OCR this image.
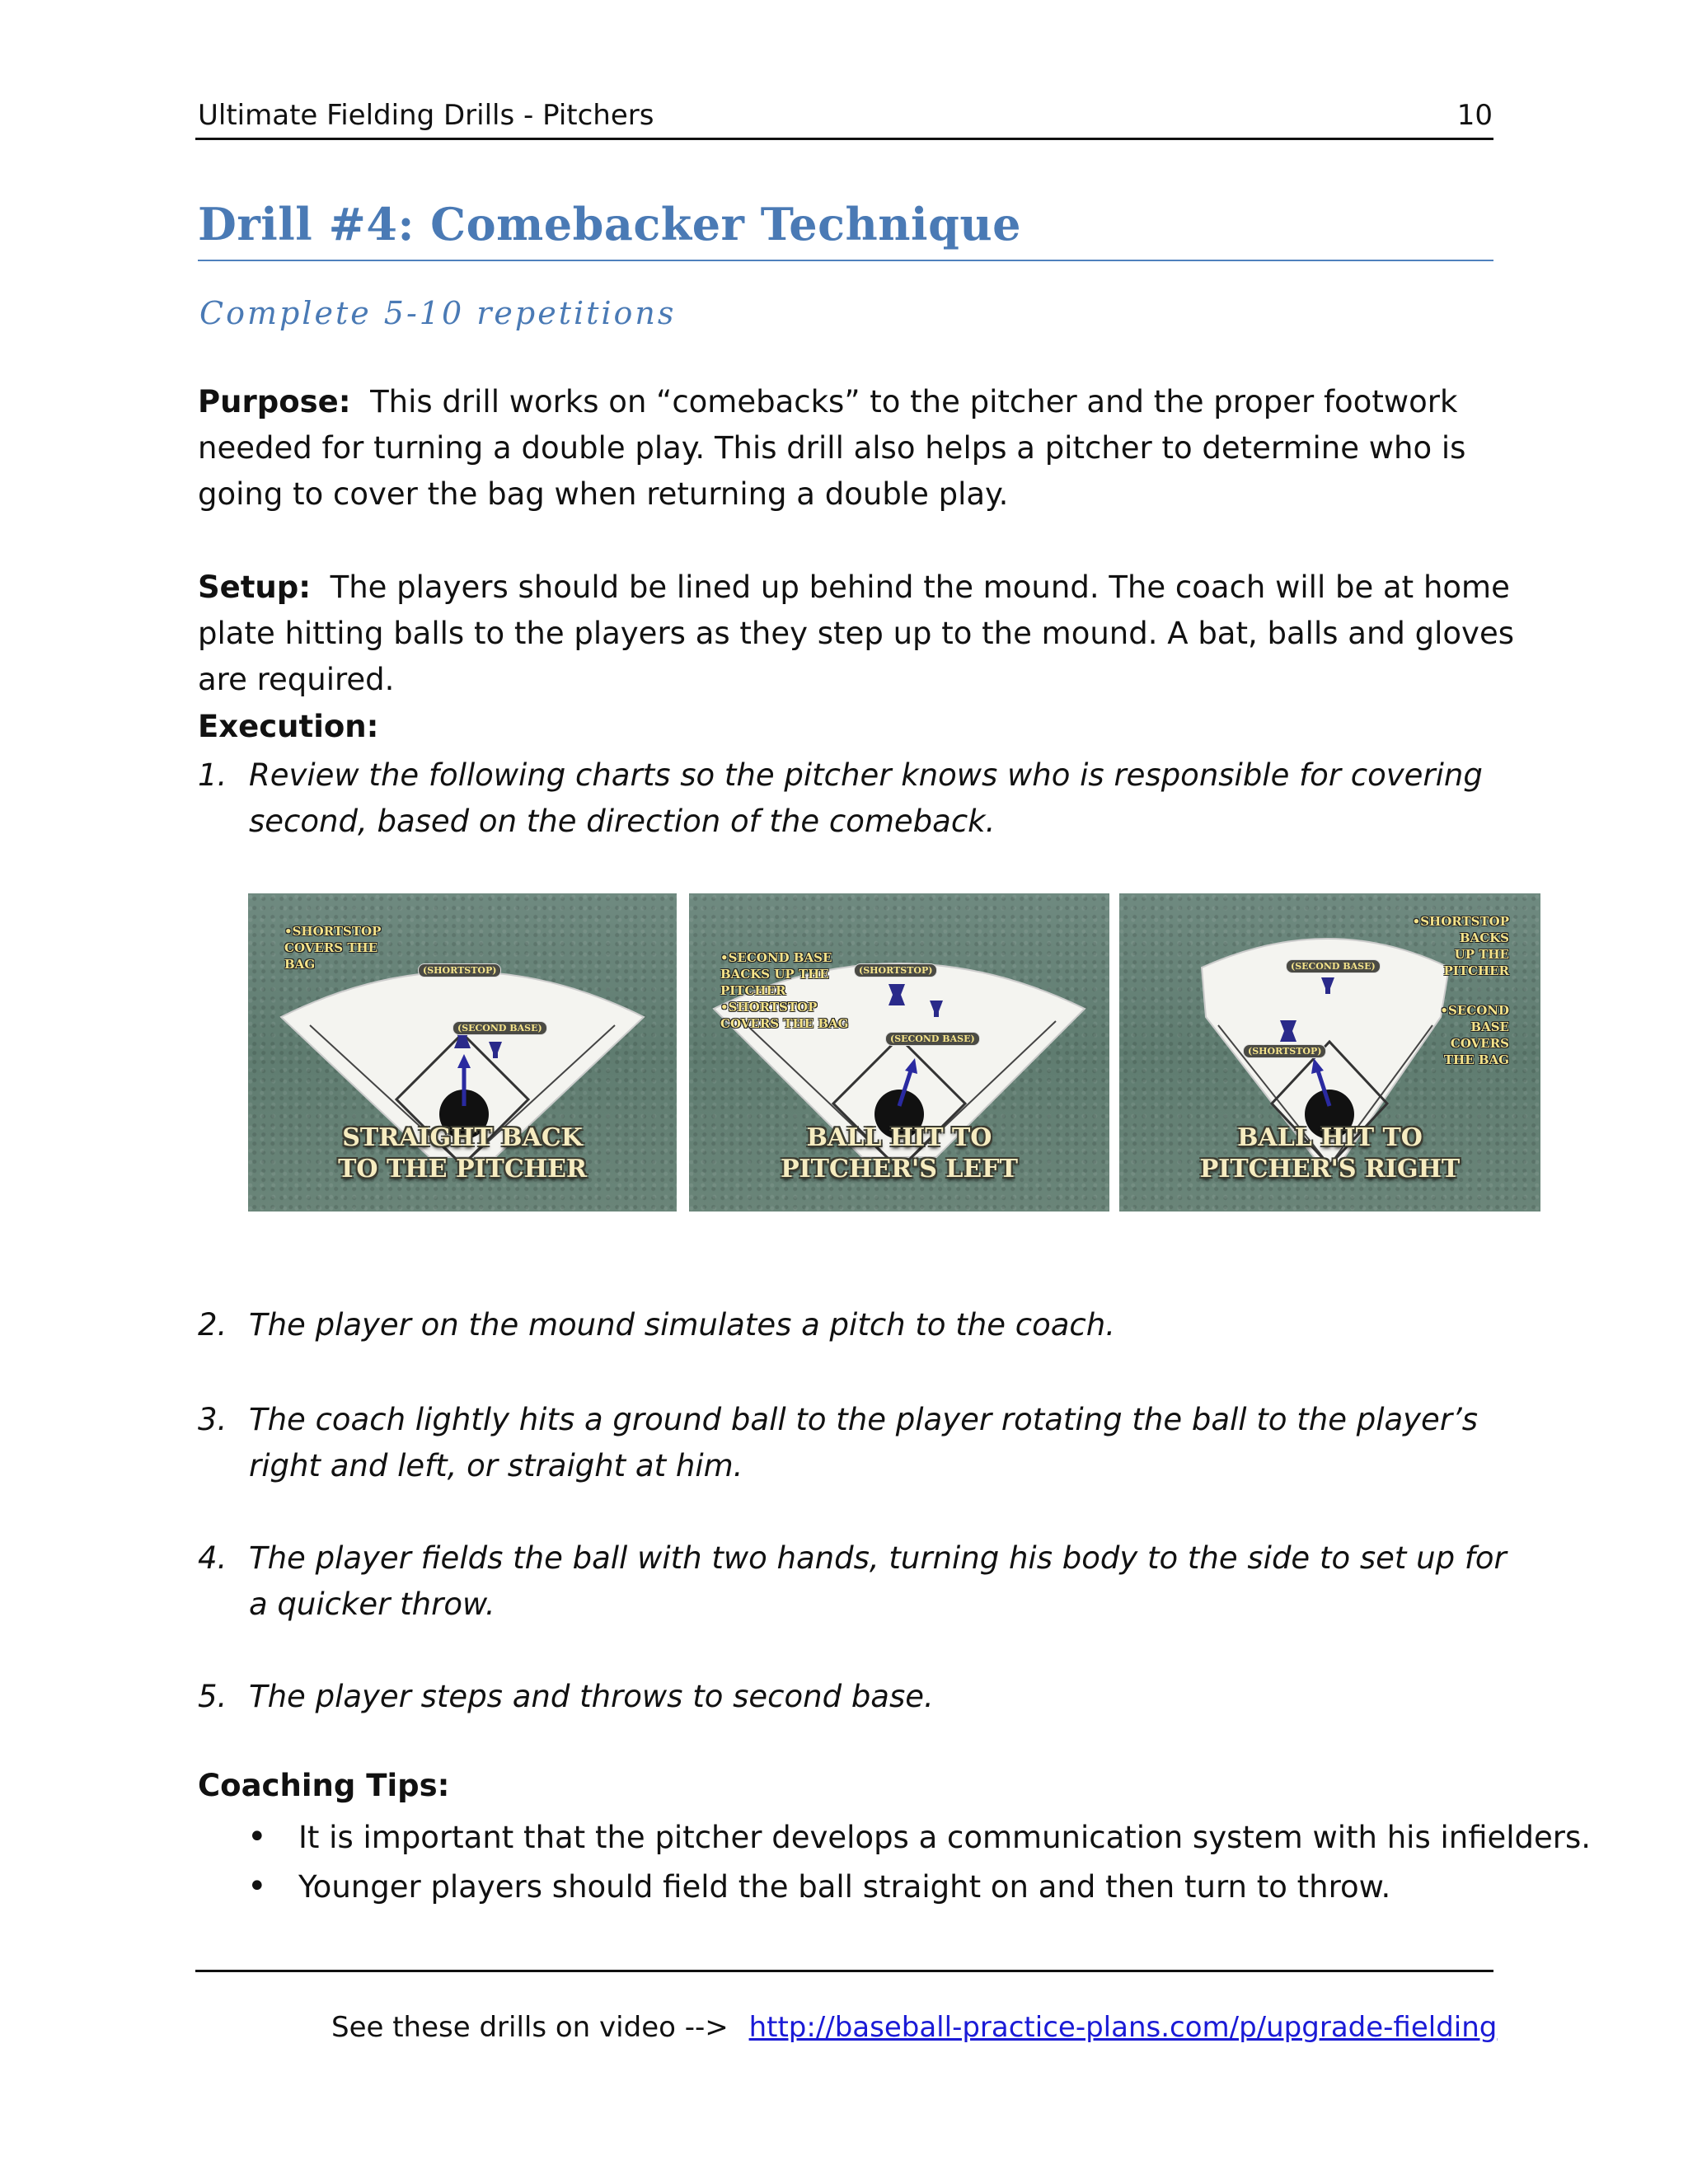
Ultimate Fielding Drills - Pitchers	10
Drill #4: Comebacker Technique
Complete 5-10 repetitions
Purpose: This drill works on “comebacks” to the pitcher and the proper footwork needed for turning a double play. This drill also helps a pitcher to determine who is going to cover the bag when returning a double play.
Setup: The players should be lined up behind the mound. The coach will be at home plate hitting balls to the players as they step up to the mound. A bat, balls and gloves are required.
Execution:
1. Review the following charts so the pitcher knows who is responsible for covering second, based on the direction of the comeback.
•SHORTSTOP
COVERS THE
BAG	(SHORTSTOP)
(SECOND BASE)
STRAIGHT BACK
TO THE PITCHER
•SECOND BASE
BACKS UP THE
PITCHER
•SHORTSTOP
COVERS THE BAG
(SHORTSTOP)
(SECOND BASE)
BALL HIT TO
PITCHER'S LEFT
•SHORTSTOP
BACKS
UP THE
PITCHER
•SECOND
BASE
COVERS
THE BAG
(SECOND BASE)
(SHORTSTOP)
BALL HIT TO
PITCHER'S RIGHT
2. The player on the mound simulates a pitch to the coach.
3. The coach lightly hits a ground ball to the player rotating the ball to the player’s right and left, or straight at him.
4. The player fields the ball with two hands, turning his body to the side to set up for a quicker throw.
5. The player steps and throws to second base.
Coaching Tips:
• It is important that the pitcher develops a communication system with his infielders.
• Younger players should field the ball straight on and then turn to throw.
See these drills on video --> http://baseball-practice-plans.com/p/upgrade-fielding
